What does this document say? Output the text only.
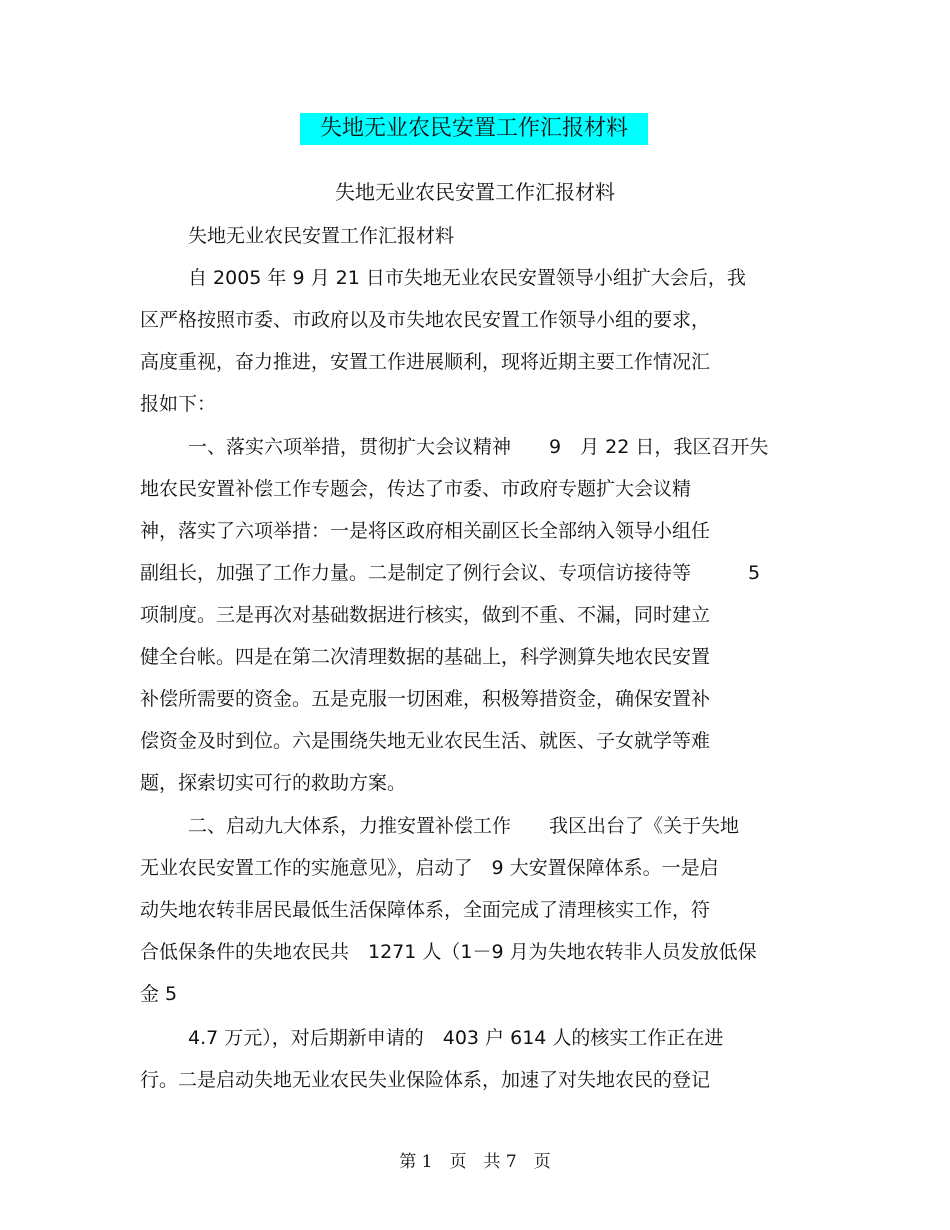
失地无业农民安置工作汇报材料
失地无业农民安置工作汇报材料
失地无业农民安置工作汇报材料
自 2005 年 9 月 21 日市失地无业农民安置领导小组扩大会后，我
区严格按照市委、市政府以及市失地农民安置工作领导小组的要求，
高度重视，奋力推进，安置工作进展顺利，现将近期主要工作情况汇
报如下：
一、落实六项举措，贯彻扩大会议精神　　9　月 22 日，我区召开失
地农民安置补偿工作专题会，传达了市委、市政府专题扩大会议精
神，落实了六项举措：一是将区政府相关副区长全部纳入领导小组任
副组长，加强了工作力量。二是制定了例行会议、专项信访接待等　　　5
项制度。三是再次对基础数据进行核实，做到不重、不漏，同时建立
健全台帐。四是在第二次清理数据的基础上，科学测算失地农民安置
补偿所需要的资金。五是克服一切困难，积极筹措资金，确保安置补
偿资金及时到位。六是围绕失地无业农民生活、就医、子女就学等难
题，探索切实可行的救助方案。
二、启动九大体系，力推安置补偿工作　　我区出台了《关于失地
无业农民安置工作的实施意见》，启动了　9 大安置保障体系。一是启
动失地农转非居民最低生活保障体系，全面完成了清理核实工作，符
合低保条件的失地农民共　1271 人（1－9 月为失地农转非人员发放低保
金 5
4.7 万元），对后期新申请的　403 户 614 人的核实工作正在进
行。二是启动失地无业农民失业保险体系，加速了对失地农民的登记
第 1　页　共 7　页
